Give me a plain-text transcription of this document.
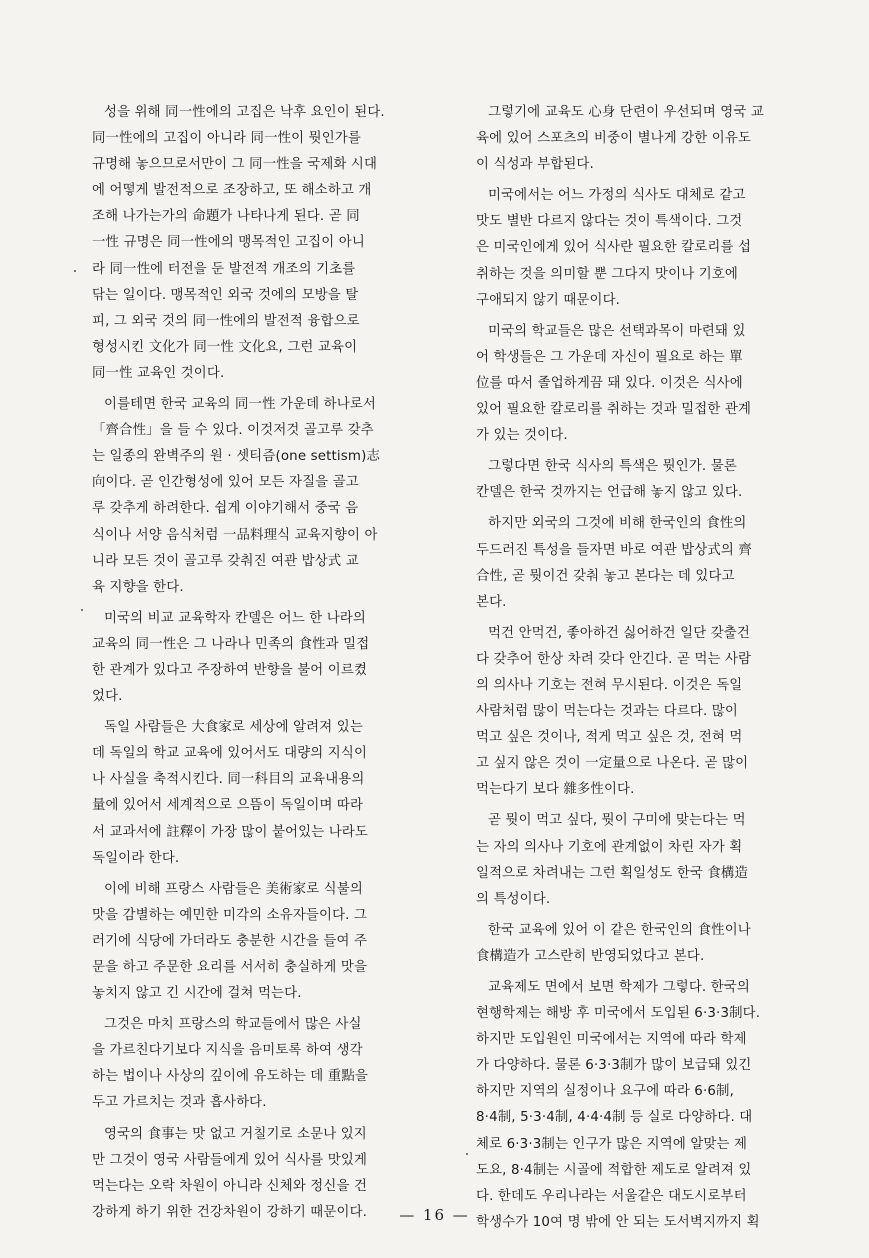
성을 위해 同一性에의 고집은 낙후 요인이 된다.
同一性에의 고집이 아니라 同一性이 뭣인가를
규명해 놓으므로서만이 그 同一性을 국제화 시대
에 어떻게 발전적으로 조장하고, 또 해소하고 개
조해 나가는가의 命題가 나타나게 된다. 곧 同
一性 규명은 同一性에의 맹목적인 고집이 아니
라 同一性에 터전을 둔 발전적 개조의 기초를
닦는 일이다. 맹목적인 외국 것에의 모방을 탈
피, 그 외국 것의 同一性에의 발전적 융합으로
형성시킨 文化가 同一性 文化요, 그런 교육이
同一性 교육인 것이다.
이를테면 한국 교육의 同一性 가운데 하나로서
「齊合性」을 들 수 있다. 이것저것 골고루 갖추
는 일종의 완벽주의 원 · 셋티즘(one settism)志
向이다. 곧 인간형성에 있어 모든 자질을 골고
루 갖추게 하려한다. 쉽게 이야기해서 중국 음
식이나 서양 음식처럼 一品料理식 교육지향이 아
니라 모든 것이 골고루 갖춰진 여관 밥상式 교
육 지향을 한다.
미국의 비교 교육학자 칸델은 어느 한 나라의
교육의 同一性은 그 나라나 민족의 食性과 밀접
한 관계가 있다고 주장하여 반향을 불어 이르켰
었다.
독일 사람들은 大食家로 세상에 알려져 있는
데 독일의 학교 교육에 있어서도 대량의 지식이
나 사실을 축적시킨다. 同一科目의 교육내용의
量에 있어서 세계적으로 으뜸이 독일이며 따라
서 교과서에 註釋이 가장 많이 붙어있는 나라도
독일이라 한다.
이에 비해 프랑스 사람들은 美術家로 식불의
맛을 감별하는 예민한 미각의 소유자들이다. 그
러기에 식당에 가더라도 충분한 시간을 들여 주
문을 하고 주문한 요리를 서서히 충실하게 맛을
놓치지 않고 긴 시간에 걸쳐 먹는다.
그것은 마치 프랑스의 학교들에서 많은 사실
을 가르친다기보다 지식을 음미토록 하여 생각
하는 법이나 사상의 깊이에 유도하는 데 重點을
두고 가르치는 것과 흡사하다.
영국의 食事는 맛 없고 거칠기로 소문나 있지
만 그것이 영국 사람들에게 있어 식사를 맛있게
먹는다는 오락 차원이 아니라 신체와 정신을 건
강하게 하기 위한 건강차원이 강하기 때문이다.
그렇기에 교육도 心身 단련이 우선되며 영국 교
육에 있어 스포츠의 비중이 별나게 강한 이유도
이 식성과 부합된다.
미국에서는 어느 가정의 식사도 대체로 같고
맛도 별반 다르지 않다는 것이 특색이다. 그것
은 미국인에게 있어 식사란 필요한 칼로리를 섭
취하는 것을 의미할 뿐 그다지 맛이나 기호에
구애되지 않기 때문이다.
미국의 학교들은 많은 선택과목이 마련돼 있
어 학생들은 그 가운데 자신이 필요로 하는 單
位를 따서 졸업하게끔 돼 있다. 이것은 식사에
있어 필요한 칼로리를 취하는 것과 밀접한 관계
가 있는 것이다.
그렇다면 한국 식사의 특색은 뭣인가. 물론
칸델은 한국 것까지는 언급해 놓지 않고 있다.
하지만 외국의 그것에 비해 한국인의 食性의
두드러진 특성을 들자면 바로 여관 밥상式의 齊
合性, 곧 뭣이건 갖춰 놓고 본다는 데 있다고
본다.
먹건 안먹건, 좋아하건 싫어하건 일단 갖출건
다 갖추어 한상 차려 갖다 안긴다. 곧 먹는 사람
의 의사나 기호는 전혀 무시된다. 이것은 독일
사람처럼 많이 먹는다는 것과는 다르다. 많이
먹고 싶은 것이나, 적게 먹고 싶은 것, 전혀 먹
고 싶지 않은 것이 一定量으로 나온다. 곧 많이
먹는다기 보다 雜多性이다.
곧 뭣이 먹고 싶다, 뭣이 구미에 맞는다는 먹
는 자의 의사나 기호에 관계없이 차린 자가 획
일적으로 차려내는 그런 획일성도 한국 食構造
의 특성이다.
한국 교육에 있어 이 같은 한국인의 食性이나
食構造가 고스란히 반영되었다고 본다.
교육제도 면에서 보면 학제가 그렇다. 한국의
현행학제는 해방 후 미국에서 도입된 6·3·3制다.
하지만 도입원인 미국에서는 지역에 따라 학제
가 다양하다. 물론 6·3·3制가 많이 보급돼 있긴
하지만 지역의 실정이나 요구에 따라 6·6制,
8·4制, 5·3·4制, 4·4·4制 등 실로 다양하다. 대
체로 6·3·3制는 인구가 많은 지역에 알맞는 제
도요, 8·4制는 시골에 적합한 제도로 알려져 있
다. 한데도 우리나라는 서울같은 대도시로부터
학생수가 10여 명 밖에 안 되는 도서벽지까지 획
— 16 —
